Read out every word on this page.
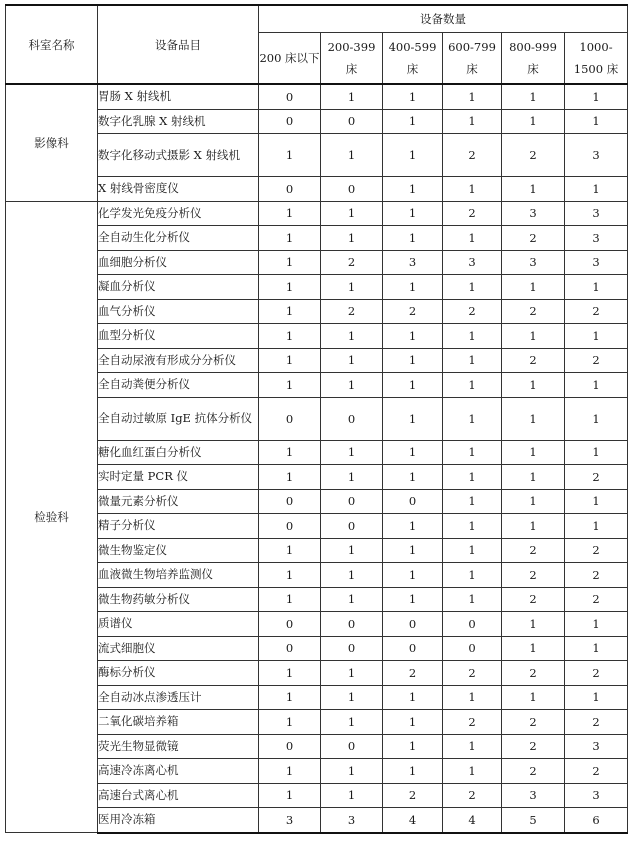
科室名称	设备品目	设备数量					
		200 床以下	200-399 床	400-599 床	600-799 床	800-999 床	1000-1500 床
影像科	胃肠 X 射线机	0	1	1	1	1	1
	数字化乳腺 X 射线机	0	0	1	1	1	1
	数字化移动式摄影 X 射线机	1	1	1	2	2	3
	X 射线骨密度仪	0	0	1	1	1	1
检验科	化学发光免疫分析仪	1	1	1	2	3	3
	全自动生化分析仪	1	1	1	1	2	3
	血细胞分析仪	1	2	3	3	3	3
	凝血分析仪	1	1	1	1	1	1
	血气分析仪	1	2	2	2	2	2
	血型分析仪	1	1	1	1	1	1
	全自动尿液有形成分分析仪	1	1	1	1	2	2
	全自动粪便分析仪	1	1	1	1	1	1
	全自动过敏原 IgE 抗体分析仪	0	0	1	1	1	1
	糖化血红蛋白分析仪	1	1	1	1	1	1
	实时定量 PCR 仪	1	1	1	1	1	2
	微量元素分析仪	0	0	0	1	1	1
	精子分析仪	0	0	1	1	1	1
	微生物鉴定仪	1	1	1	1	2	2
	血液微生物培养监测仪	1	1	1	1	2	2
	微生物药敏分析仪	1	1	1	1	2	2
	质谱仪	0	0	0	0	1	1
	流式细胞仪	0	0	0	0	1	1
	酶标分析仪	1	1	2	2	2	2
	全自动冰点渗透压计	1	1	1	1	1	1
	二氧化碳培养箱	1	1	1	2	2	2
	荧光生物显微镜	0	0	1	1	2	3
	高速冷冻离心机	1	1	1	1	2	2
	高速台式离心机	1	1	2	2	3	3
	医用冷冻箱	3	3	4	4	5	6
